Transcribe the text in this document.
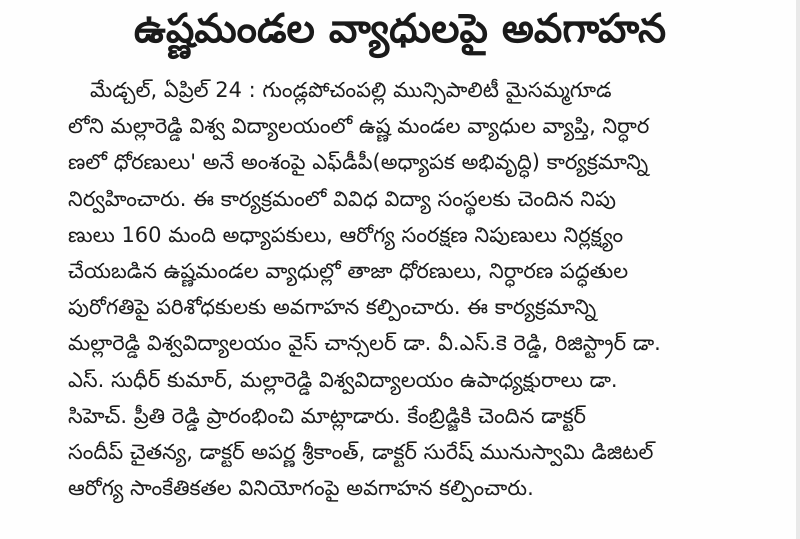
ఉష్ణమండల వ్యాధులపై అవగాహన
మేడ్చల్, ఏప్రిల్ 24 : గుండ్లపోచంపల్లి మున్సిపాలిటీ మైసమ్మగూడ
లోని మల్లారెడ్డి విశ్వ విద్యాలయంలో ఉష్ణ మండల వ్యాధుల వ్యాప్తి, నిర్ధార
ణలో ధోరణులు' అనే అంశంపై ఎఫ్‌డీపీ(అధ్యాపక అభివృద్ధి) కార్యక్రమాన్ని
నిర్వహించారు. ఈ కార్యక్రమంలో వివిధ విద్యా సంస్థలకు చెందిన నిపు
ణులు 160 మంది అధ్యాపకులు, ఆరోగ్య సంరక్షణ నిపుణులు నిర్లక్ష్యం
చేయబడిన ఉష్ణమండల వ్యాధుల్లో తాజా ధోరణులు, నిర్ధారణ పద్ధతుల
పురోగతిపై పరిశోధకులకు అవగాహన కల్పించారు. ఈ కార్యక్రమాన్ని
మల్లారెడ్డి విశ్వవిద్యాలయం వైస్ చాన్సలర్ డా. వీ.ఎస్.కె రెడ్డి, రిజిస్ట్రార్ డా.
ఎస్. సుధీర్ కుమార్, మల్లారెడ్డి విశ్వవిద్యాలయం ఉపాధ్యక్షురాలు డా.
సిహెచ్. ప్రీతి రెడ్డి ప్రారంభించి మాట్లాడారు. కేంబ్రిడ్జికి చెందిన డాక్టర్
సందీప్ చైతన్య, డాక్టర్ అపర్ణ శ్రీకాంత్, డాక్టర్ సురేష్ మునుస్వామి డిజిటల్
ఆరోగ్య సాంకేతికతల వినియోగంపై అవగాహన కల్పించారు.
